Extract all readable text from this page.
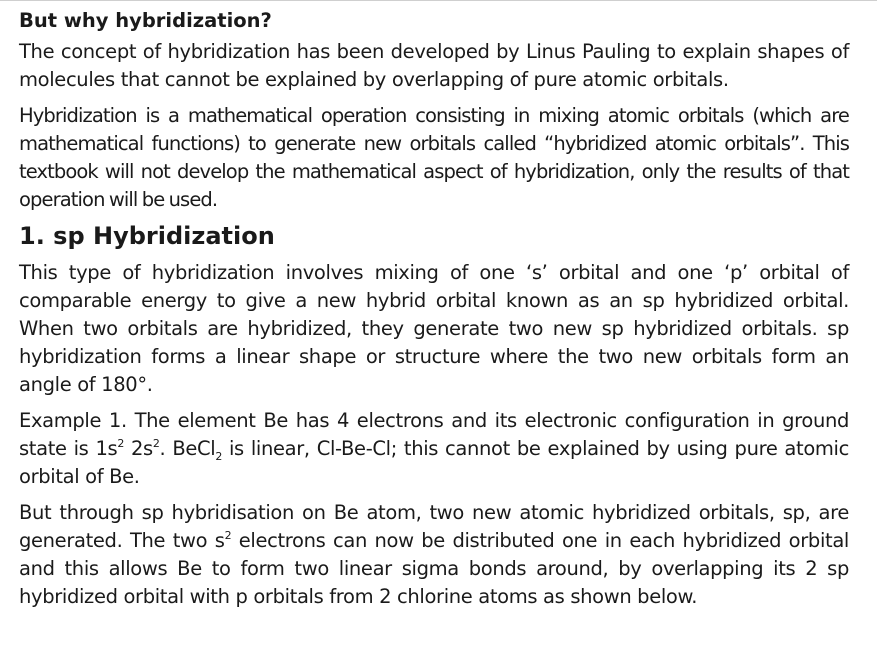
But why hybridization?

The concept of hybridization has been developed by Linus Pauling to explain shapes of molecules that cannot be explained by overlapping of pure atomic orbitals.

Hybridization is a mathematical operation consisting in mixing atomic orbitals (which are mathematical functions) to generate new orbitals called “hybridized atomic orbitals”. This textbook will not develop the mathematical aspect of hybridization, only the results of that operation will be used.

1. sp Hybridization

This type of hybridization involves mixing of one ‘s’ orbital and one ‘p’ orbital of comparable energy to give a new hybrid orbital known as an sp hybridized orbital. When two orbitals are hybridized, they generate two new sp hybridized orbitals. sp hybridization forms a linear shape or structure where the two new orbitals form an angle of 180°.

Example 1. The element Be has 4 electrons and its electronic configuration in ground state is $1s^2$ $2s^2$. BeCl$_2$ is linear, Cl-Be-Cl; this cannot be explained by using pure atomic orbital of Be.

But through sp hybridisation on Be atom, two new atomic hybridized orbitals, sp, are generated. The two $s^2$ electrons can now be distributed one in each hybridized orbital and this allows Be to form two linear sigma bonds around, by overlapping its 2 sp hybridized orbital with p orbitals from 2 chlorine atoms as shown below.
